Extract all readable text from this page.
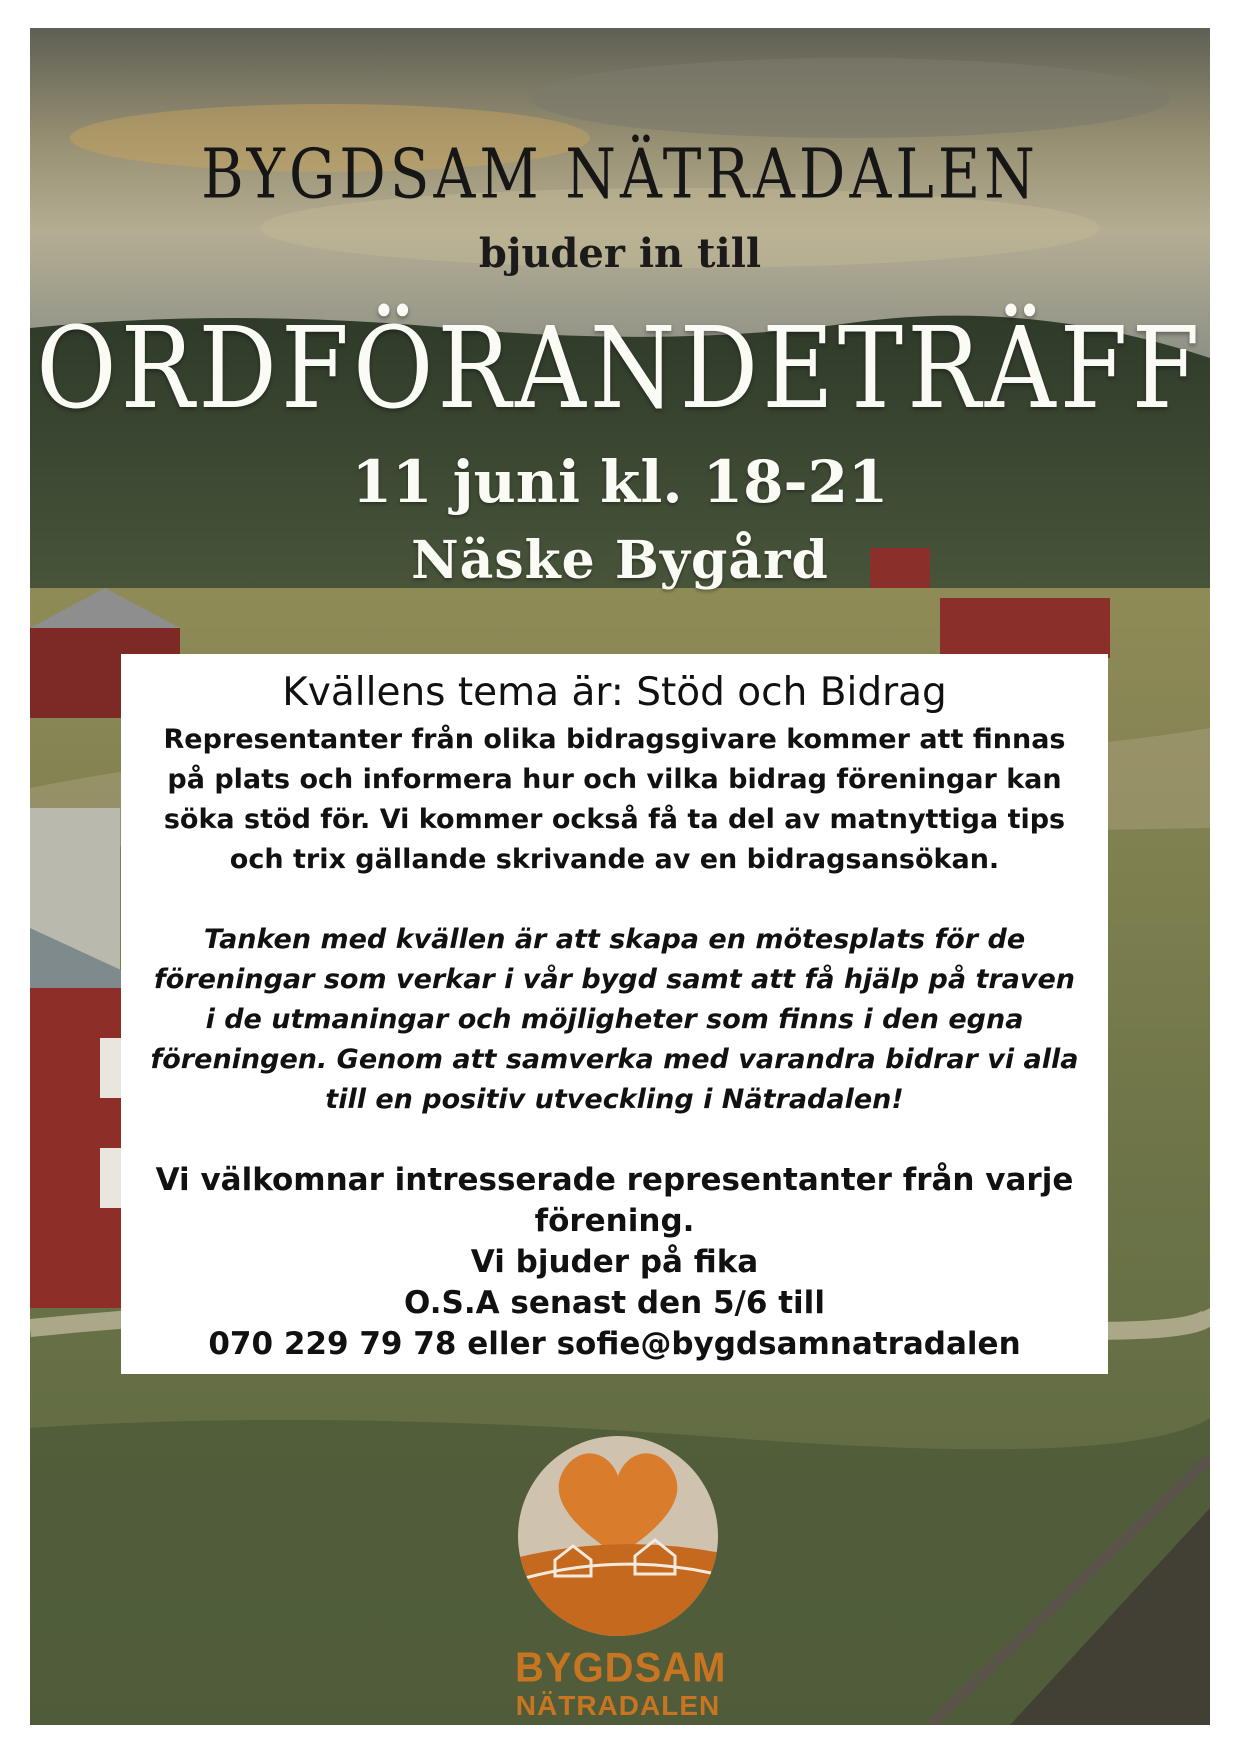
BYGDSAM NÄTRADALEN
bjuder in till
ORDFÖRANDETRÄFF
11 juni kl. 18-21
Näske Bygård
Kvällens tema är: Stöd och Bidrag

Representanter från olika bidragsgivare kommer att finnas på plats och informera hur och vilka bidrag föreningar kan söka stöd för. Vi kommer också få ta del av matnyttiga tips och trix gällande skrivande av en bidragsansökan.

Tanken med kvällen är att skapa en mötesplats för de föreningar som verkar i vår bygd samt att få hjälp på traven i de utmaningar och möjligheter som finns i den egna föreningen. Genom att samverka med varandra bidrar vi alla till en positiv utveckling i Nätradalen!

Vi välkomnar intresserade representanter från varje förening.

Vi bjuder på fika

O.S.A senast den 5/6 till

070 229 79 78 eller sofie@bygdsamnatradalen

BYGDSAM
NÄTRADALEN
